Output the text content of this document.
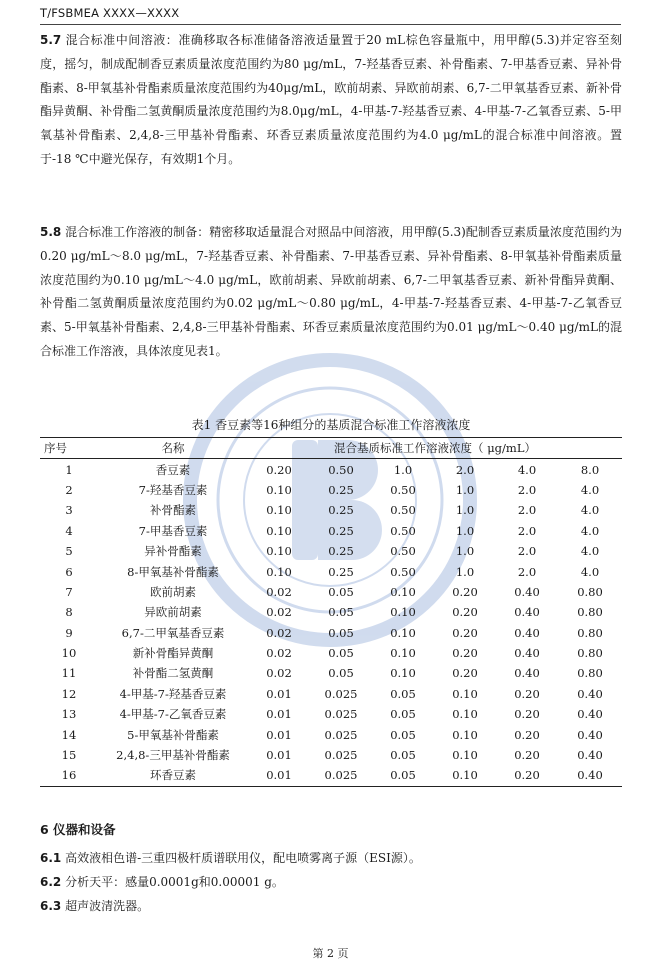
T/FSBMEA XXXX—XXXX
5.7 混合标准中间溶液：准确移取各标准储备溶液适量置于20 mL棕色容量瓶中，用甲醇(5.3)并定容至刻度，摇匀，制成配制香豆素质量浓度范围约为80 μg/mL，7-羟基香豆素、补骨酯素、7-甲基香豆素、异补骨酯素、8-甲氧基补骨酯素质量浓度范围约为40μg/mL，欧前胡素、异欧前胡素、6,7-二甲氧基香豆素、新补骨酯异黄酮、补骨酯二氢黄酮质量浓度范围约为8.0μg/mL，4-甲基-7-羟基香豆素、4-甲基-7-乙氧香豆素、5-甲氧基补骨酯素、2,4,8-三甲基补骨酯素、环香豆素质量浓度范围约为4.0 μg/mL的混合标准中间溶液。置于-18 ℃中避光保存，有效期1个月。
5.8 混合标准工作溶液的制备：精密移取适量混合对照品中间溶液，用甲醇(5.3)配制香豆素质量浓度范围约为0.20 μg/mL～8.0 μg/mL，7-羟基香豆素、补骨酯素、7-甲基香豆素、异补骨酯素、8-甲氧基补骨酯素质量浓度范围约为0.10 μg/mL～4.0 μg/mL，欧前胡素、异欧前胡素、6,7-二甲氧基香豆素、新补骨酯异黄酮、补骨酯二氢黄酮质量浓度范围约为0.02 μg/mL～0.80 μg/mL，4-甲基-7-羟基香豆素、4-甲基-7-乙氧香豆素、5-甲氧基补骨酯素、2,4,8-三甲基补骨酯素、环香豆素质量浓度范围约为0.01 μg/mL～0.40 μg/mL的混合标准工作溶液，具体浓度见表1。
表1 香豆素等16种组分的基质混合标准工作溶液浓度
序号	名称	混合基质标准工作溶液浓度（ μg/mL）					
1	香豆素	0.20	0.50	1.0	2.0	4.0	8.0
2	7-羟基香豆素	0.10	0.25	0.50	1.0	2.0	4.0
3	补骨酯素	0.10	0.25	0.50	1.0	2.0	4.0
4	7-甲基香豆素	0.10	0.25	0.50	1.0	2.0	4.0
5	异补骨酯素	0.10	0.25	0.50	1.0	2.0	4.0
6	8-甲氧基补骨酯素	0.10	0.25	0.50	1.0	2.0	4.0
7	欧前胡素	0.02	0.05	0.10	0.20	0.40	0.80
8	异欧前胡素	0.02	0.05	0.10	0.20	0.40	0.80
9	6,7-二甲氧基香豆素	0.02	0.05	0.10	0.20	0.40	0.80
10	新补骨酯异黄酮	0.02	0.05	0.10	0.20	0.40	0.80
11	补骨酯二氢黄酮	0.02	0.05	0.10	0.20	0.40	0.80
12	4-甲基-7-羟基香豆素	0.01	0.025	0.05	0.10	0.20	0.40
13	4-甲基-7-乙氧香豆素	0.01	0.025	0.05	0.10	0.20	0.40
14	5-甲氧基补骨酯素	0.01	0.025	0.05	0.10	0.20	0.40
15	2,4,8-三甲基补骨酯素	0.01	0.025	0.05	0.10	0.20	0.40
16	环香豆素	0.01	0.025	0.05	0.10	0.20	0.40
6 仪器和设备
6.1 高效液相色谱-三重四极杆质谱联用仪，配电喷雾离子源（ESI源）。
6.2 分析天平：感量0.0001g和0.00001 g。
6.3 超声波清洗器。
第 2 页
